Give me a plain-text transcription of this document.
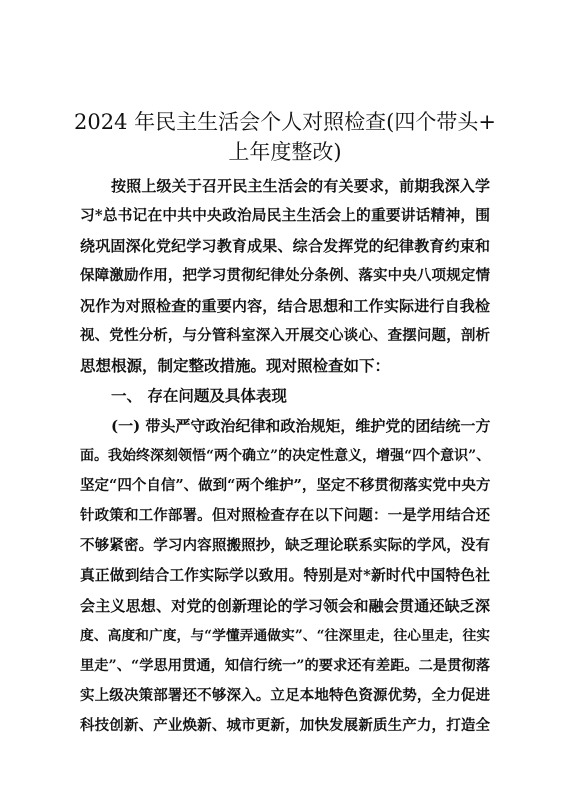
2024 年民主生活会个人对照检查(四个带头+
上年度整改)
按照上级关于召开民主生活会的有关要求，前期我深入学
习*总书记在中共中央政治局民主生活会上的重要讲话精神，围
绕巩固深化党纪学习教育成果、综合发挥党的纪律教育约束和
保障激励作用，把学习贯彻纪律处分条例、落实中央八项规定情
况作为对照检查的重要内容，结合思想和工作实际进行自我检
视、党性分析，与分管科室深入开展交心谈心、查摆问题，剖析
思想根源，制定整改措施。现对照检查如下：
一、 存在问题及具体表现
(一) 带头严守政治纪律和政治规矩，维护党的团结统一方
面。我始终深刻领悟“两个确立”的决定性意义，增强“四个意识”、
坚定“四个自信”、做到“两个维护”，坚定不移贯彻落实党中央方
针政策和工作部署。但对照检查存在以下问题：一是学用结合还
不够紧密。学习内容照搬照抄，缺乏理论联系实际的学风，没有
真正做到结合工作实际学以致用。特别是对*新时代中国特色社
会主义思想、对党的创新理论的学习领会和融会贯通还缺乏深
度、高度和广度，与“学懂弄通做实”、“往深里走，往心里走，往实
里走”、“学思用贯通，知信行统一”的要求还有差距。二是贯彻落
实上级决策部署还不够深入。立足本地特色资源优势，全力促进
科技创新、产业焕新、城市更新，加快发展新质生产力，打造全
